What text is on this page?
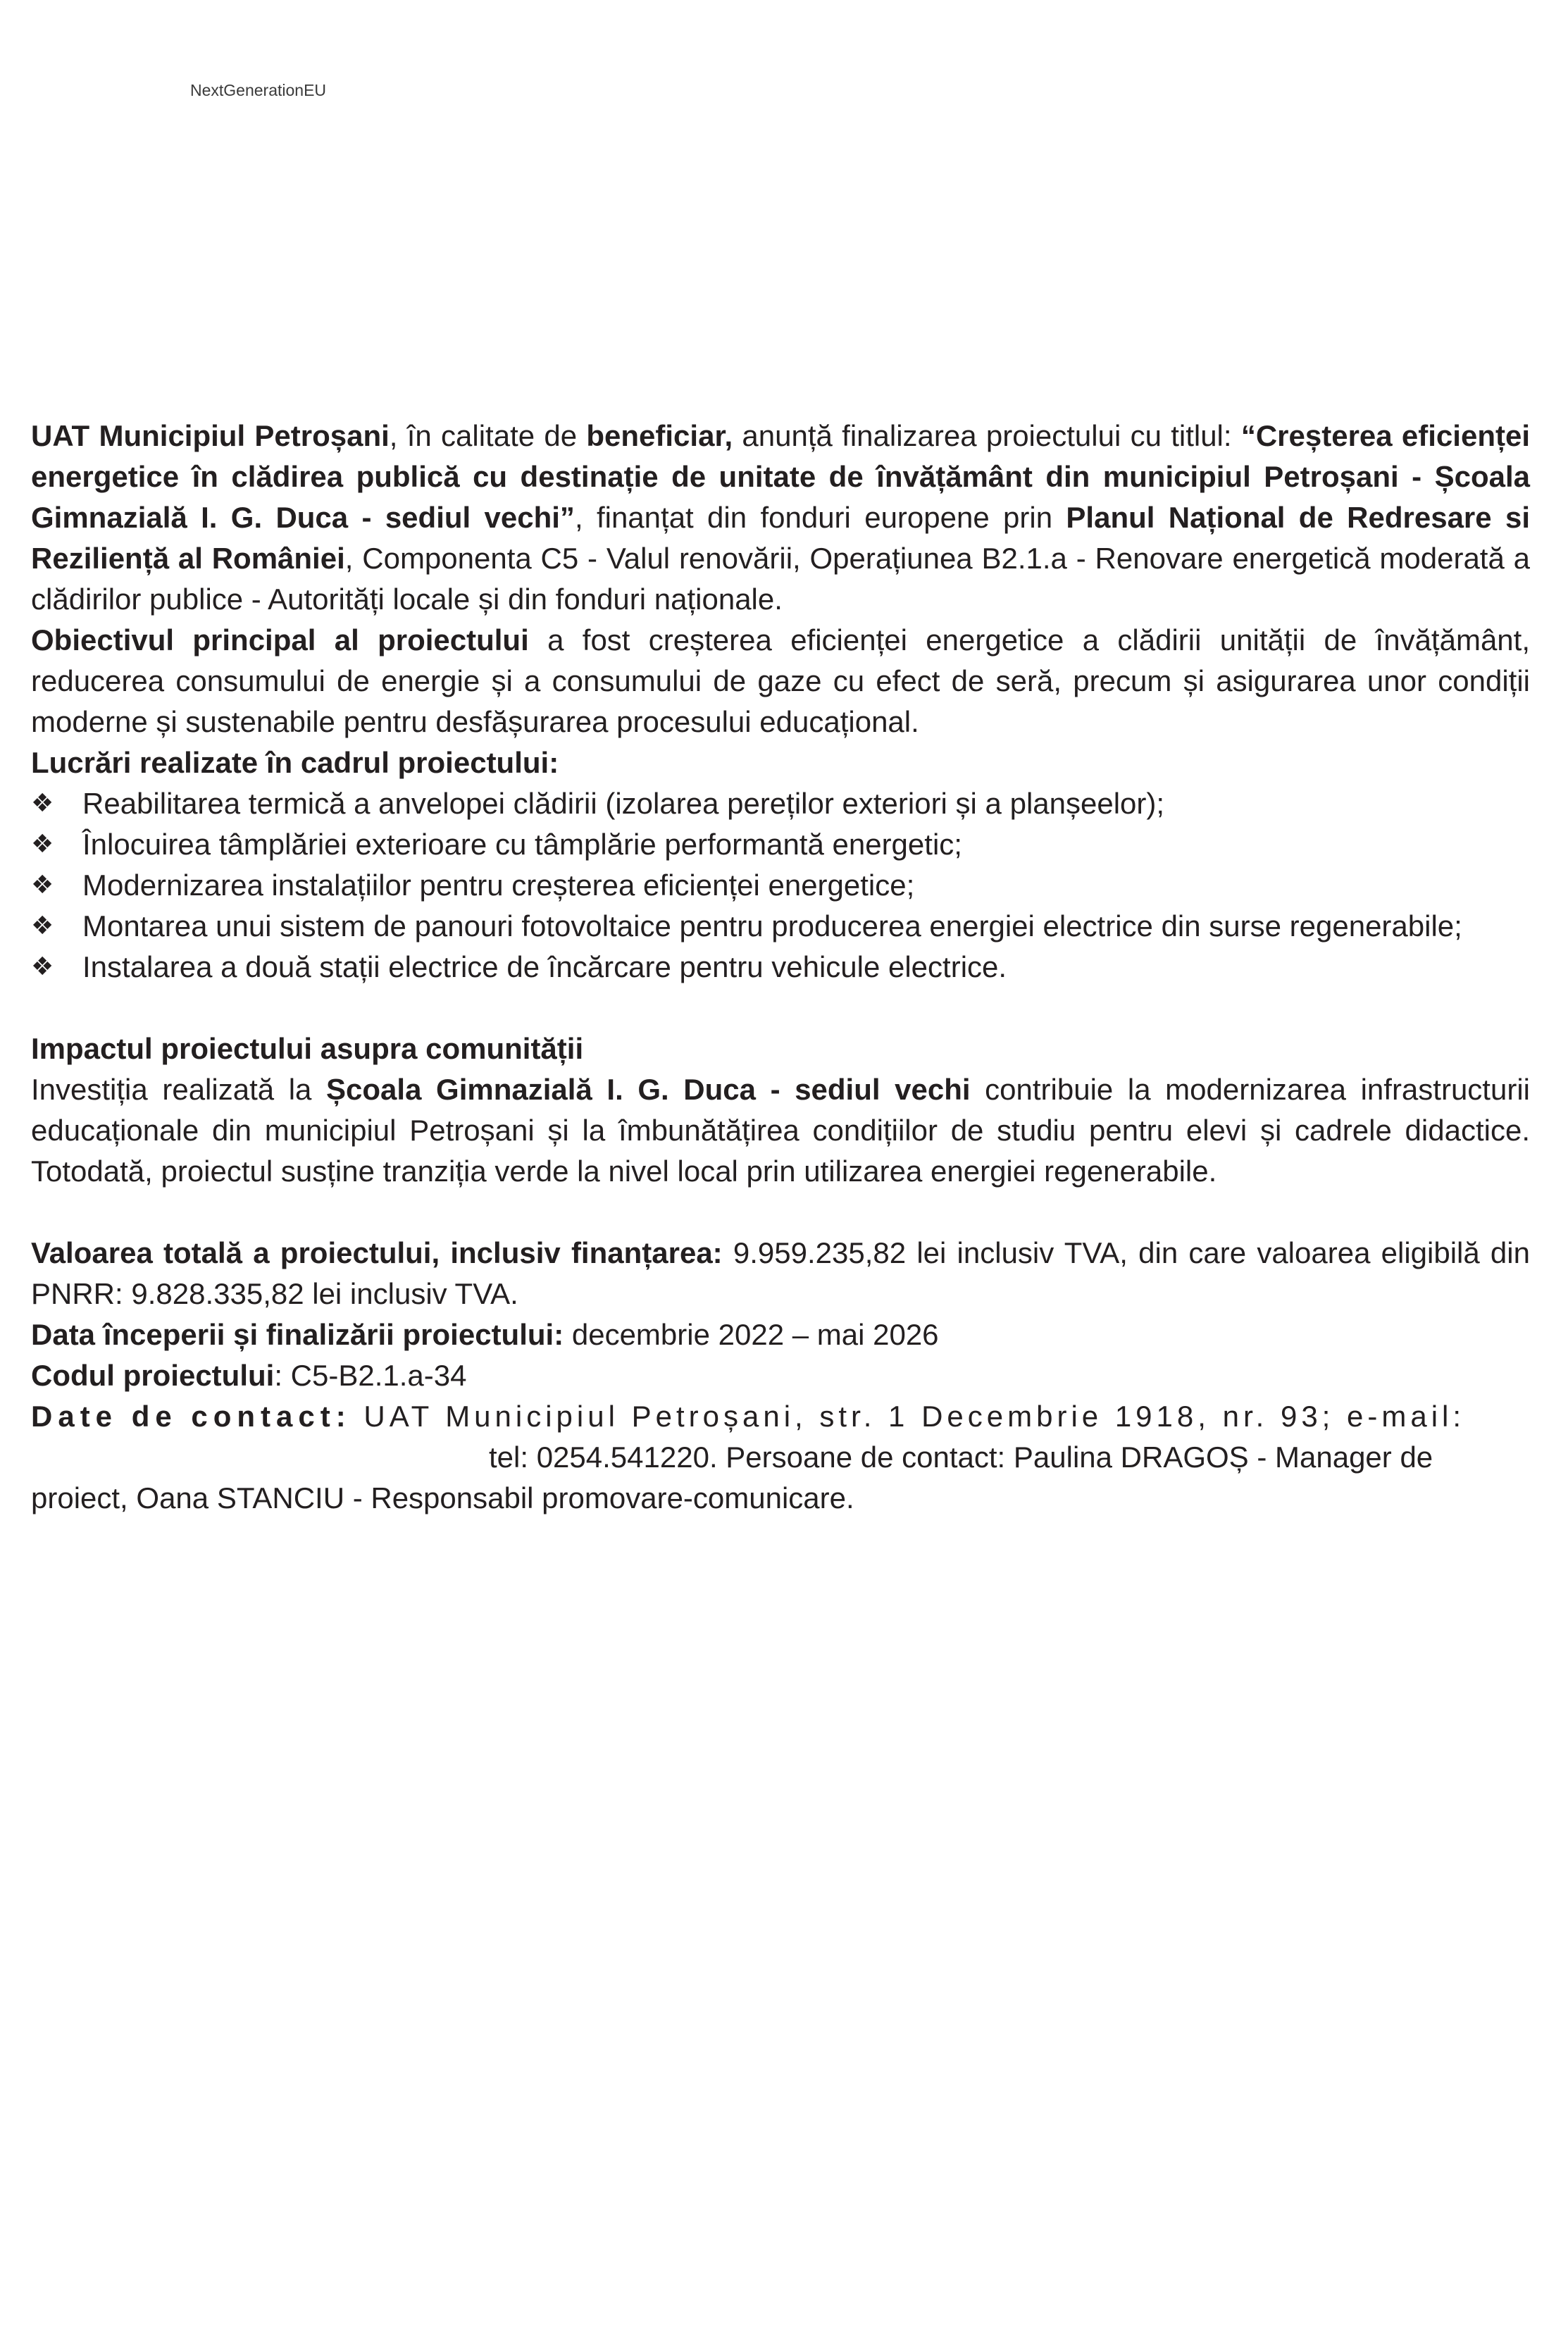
NextGenerationEU

UAT Municipiul Petroșani, în calitate de beneficiar, anunță finalizarea proiectului cu titlul: “Creșterea eficienței energetice în clădirea publică cu destinație de unitate de învățământ din municipiul Petroșani - Școala Gimnazială I. G. Duca - sediul vechi”, finanțat din fonduri europene prin Planul Național de Redresare si Reziliență al României, Componenta C5 - Valul renovării, Operațiunea B2.1.a - Renovare energetică moderată a clădirilor publice - Autorități locale și din fonduri naționale.

Obiectivul principal al proiectului a fost creșterea eficienței energetice a clădirii unității de învățământ, reducerea consumului de energie și a consumului de gaze cu efect de seră, precum și asigurarea unor condiții moderne și sustenabile pentru desfășurarea procesului educațional.

Lucrări realizate în cadrul proiectului:

❖ Reabilitarea termică a anvelopei clădirii (izolarea pereților exteriori și a planșeelor);
❖ Înlocuirea tâmplăriei exterioare cu tâmplărie performantă energetic;
❖ Modernizarea instalațiilor pentru creșterea eficienței energetice;
❖ Montarea unui sistem de panouri fotovoltaice pentru producerea energiei electrice din surse regenerabile;
❖ Instalarea a două stații electrice de încărcare pentru vehicule electrice.

Impactul proiectului asupra comunității

Investiția realizată la Școala Gimnazială I. G. Duca - sediul vechi contribuie la modernizarea infrastructurii educaționale din municipiul Petroșani și la îmbunătățirea condițiilor de studiu pentru elevi și cadrele didactice. Totodată, proiectul susține tranziția verde la nivel local prin utilizarea energiei regenerabile.

Valoarea totală a proiectului, inclusiv finanțarea: 9.959.235,82 lei inclusiv TVA, din care valoarea eligibilă din PNRR: 9.828.335,82 lei inclusiv TVA.

Data începerii și finalizării proiectului: decembrie 2022 – mai 2026

Codul proiectului: C5-B2.1.a-34

Date de contact: UAT Municipiul Petroșani, str. 1 Decembrie 1918, nr. 93; e-mail:

tel: 0254.541220. Persoane de contact: Paulina DRAGOȘ - Manager de

proiect, Oana STANCIU - Responsabil promovare-comunicare.
